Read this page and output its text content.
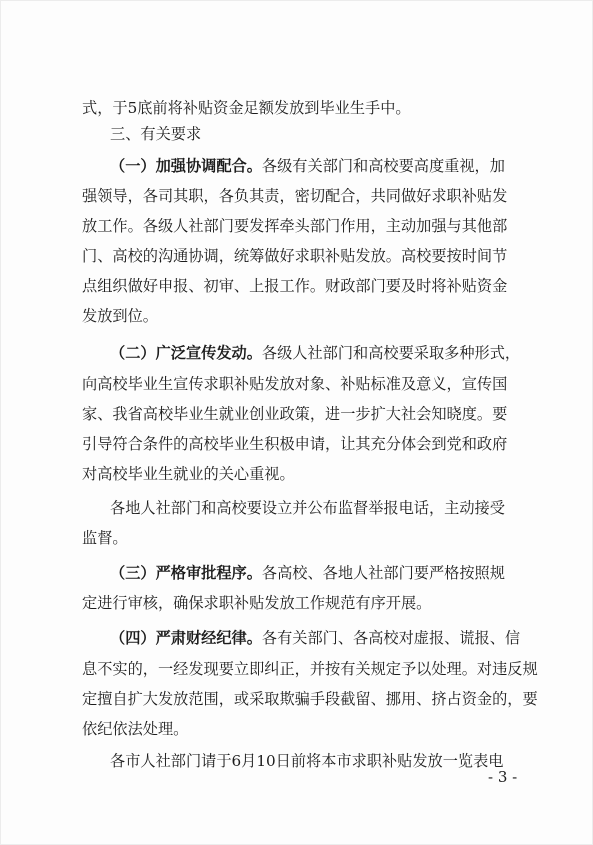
式，于5底前将补贴资金足额发放到毕业生手中。
三、有关要求
（一）加强协调配合。各级有关部门和高校要高度重视，加
强领导，各司其职，各负其责，密切配合，共同做好求职补贴发
放工作。各级人社部门要发挥牵头部门作用，主动加强与其他部
门、高校的沟通协调，统筹做好求职补贴发放。高校要按时间节
点组织做好申报、初审、上报工作。财政部门要及时将补贴资金
发放到位。
（二）广泛宣传发动。各级人社部门和高校要采取多种形式，
向高校毕业生宣传求职补贴发放对象、补贴标准及意义，宣传国
家、我省高校毕业生就业创业政策，进一步扩大社会知晓度。要
引导符合条件的高校毕业生积极申请，让其充分体会到党和政府
对高校毕业生就业的关心重视。
各地人社部门和高校要设立并公布监督举报电话，主动接受
监督。
（三）严格审批程序。各高校、各地人社部门要严格按照规
定进行审核，确保求职补贴发放工作规范有序开展。
（四）严肃财经纪律。各有关部门、各高校对虚报、谎报、信
息不实的，一经发现要立即纠正，并按有关规定予以处理。对违反规
定擅自扩大发放范围，或采取欺骗手段截留、挪用、挤占资金的，要
依纪依法处理。
各市人社部门请于6月10日前将本市求职补贴发放一览表电
- 3 -
